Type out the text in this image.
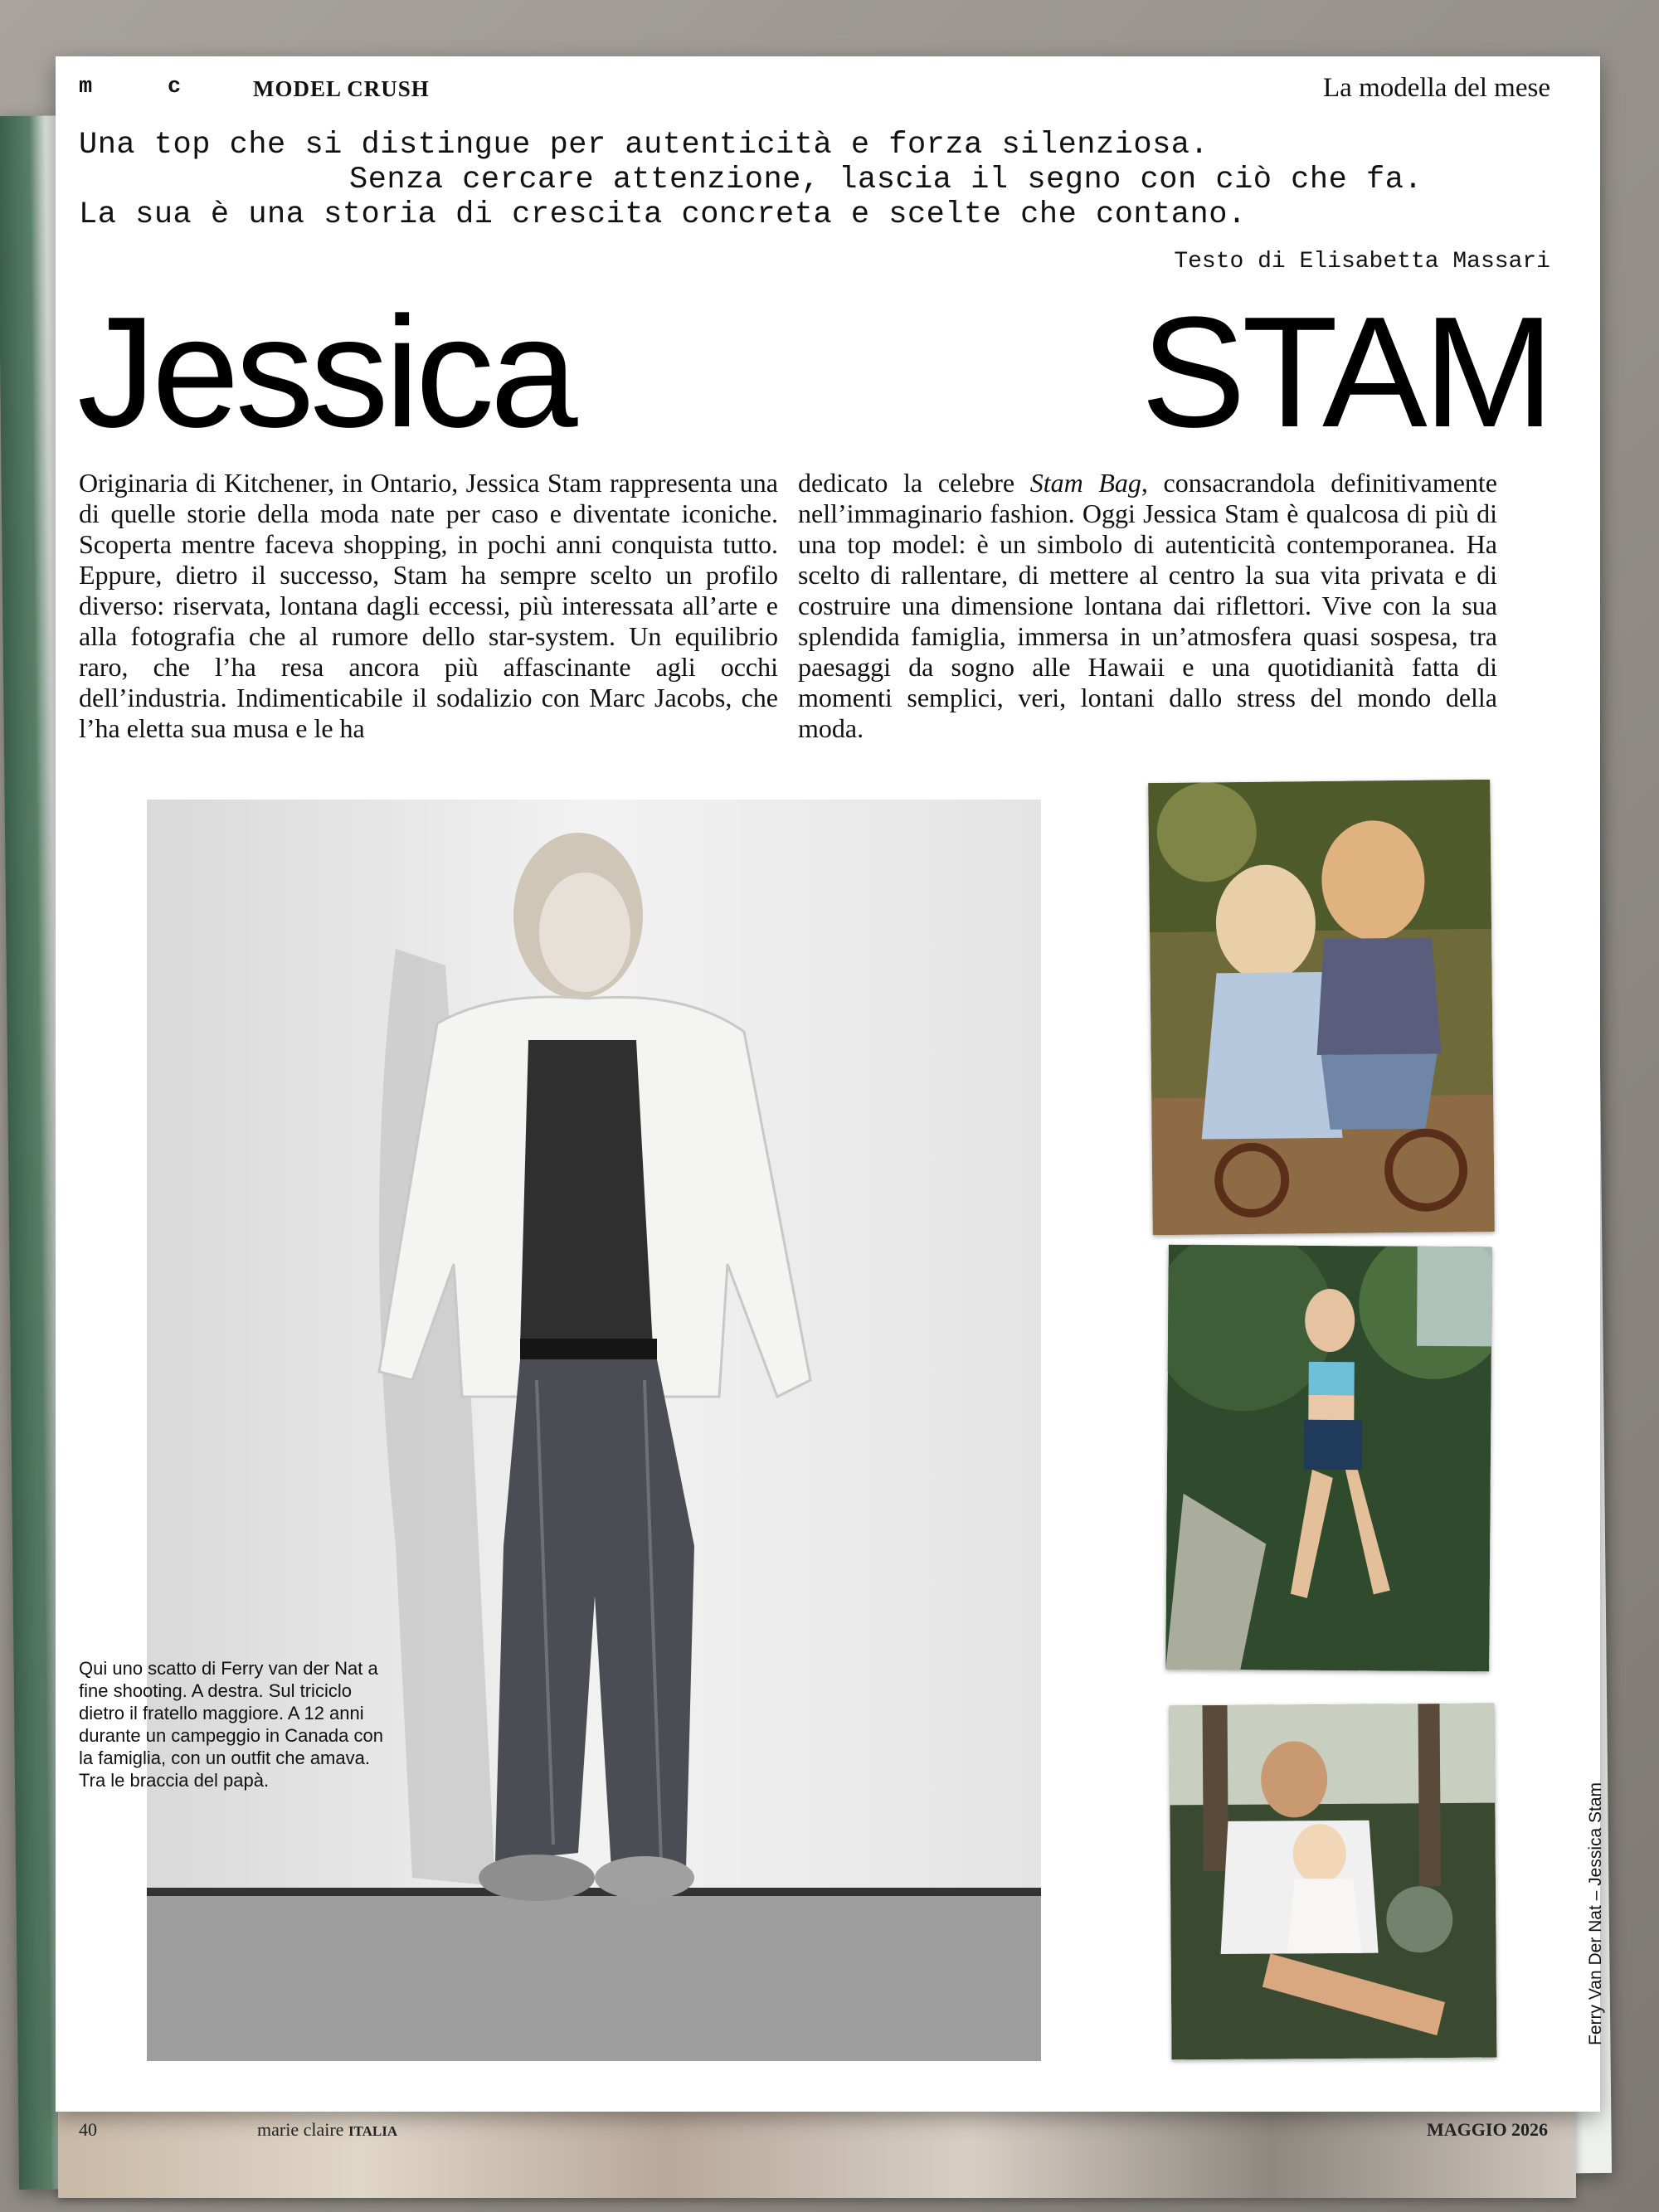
m	c	MODEL CRUSH	La modella del mese
Una top che si distingue per autenticità e forza silenziosa.
Senza cercare attenzione, lascia il segno con ciò che fa.
La sua è una storia di crescita concreta e scelte che contano.
Testo di Elisabetta Massari
Jessica	STAM

Originaria di Kitchener, in Ontario, Jessica Stam rappresenta una di quelle storie della moda nate per caso e diventate iconiche. Scoperta mentre faceva shopping, in pochi anni conquista tutto. Eppure, dietro il successo, Stam ha sempre scelto un profilo diverso: riservata, lontana dagli eccessi, più interessata all’arte e alla fotografia che al rumore dello star-system. Un equilibrio raro, che l’ha resa ancora più affascinante agli occhi dell’industria. Indimenticabile il sodalizio con Marc Jacobs, che l’ha eletta sua musa e le ha

dedicato la celebre Stam Bag, consacrandola definitivamente nell’immaginario fashion. Oggi Jessica Stam è qualcosa di più di una top model: è un simbolo di autenticità contemporanea. Ha scelto di rallentare, di mettere al centro la sua vita privata e di costruire una dimensione lontana dai riflettori. Vive con la sua splendida famiglia, immersa in un’atmosfera quasi sospesa, tra paesaggi da sogno alle Hawaii e una quotidianità fatta di momenti semplici, veri, lontani dallo stress del mondo della moda.

Qui uno scatto di Ferry van der Nat a fine shooting. A destra. Sul triciclo dietro il fratello maggiore. A 12 anni durante un campeggio in Canada con la famiglia, con un outfit che amava. Tra le braccia del papà.
Ferry Van Der Nat – Jessica Stam
40	marie claire ITALIA	MAGGIO 2026
